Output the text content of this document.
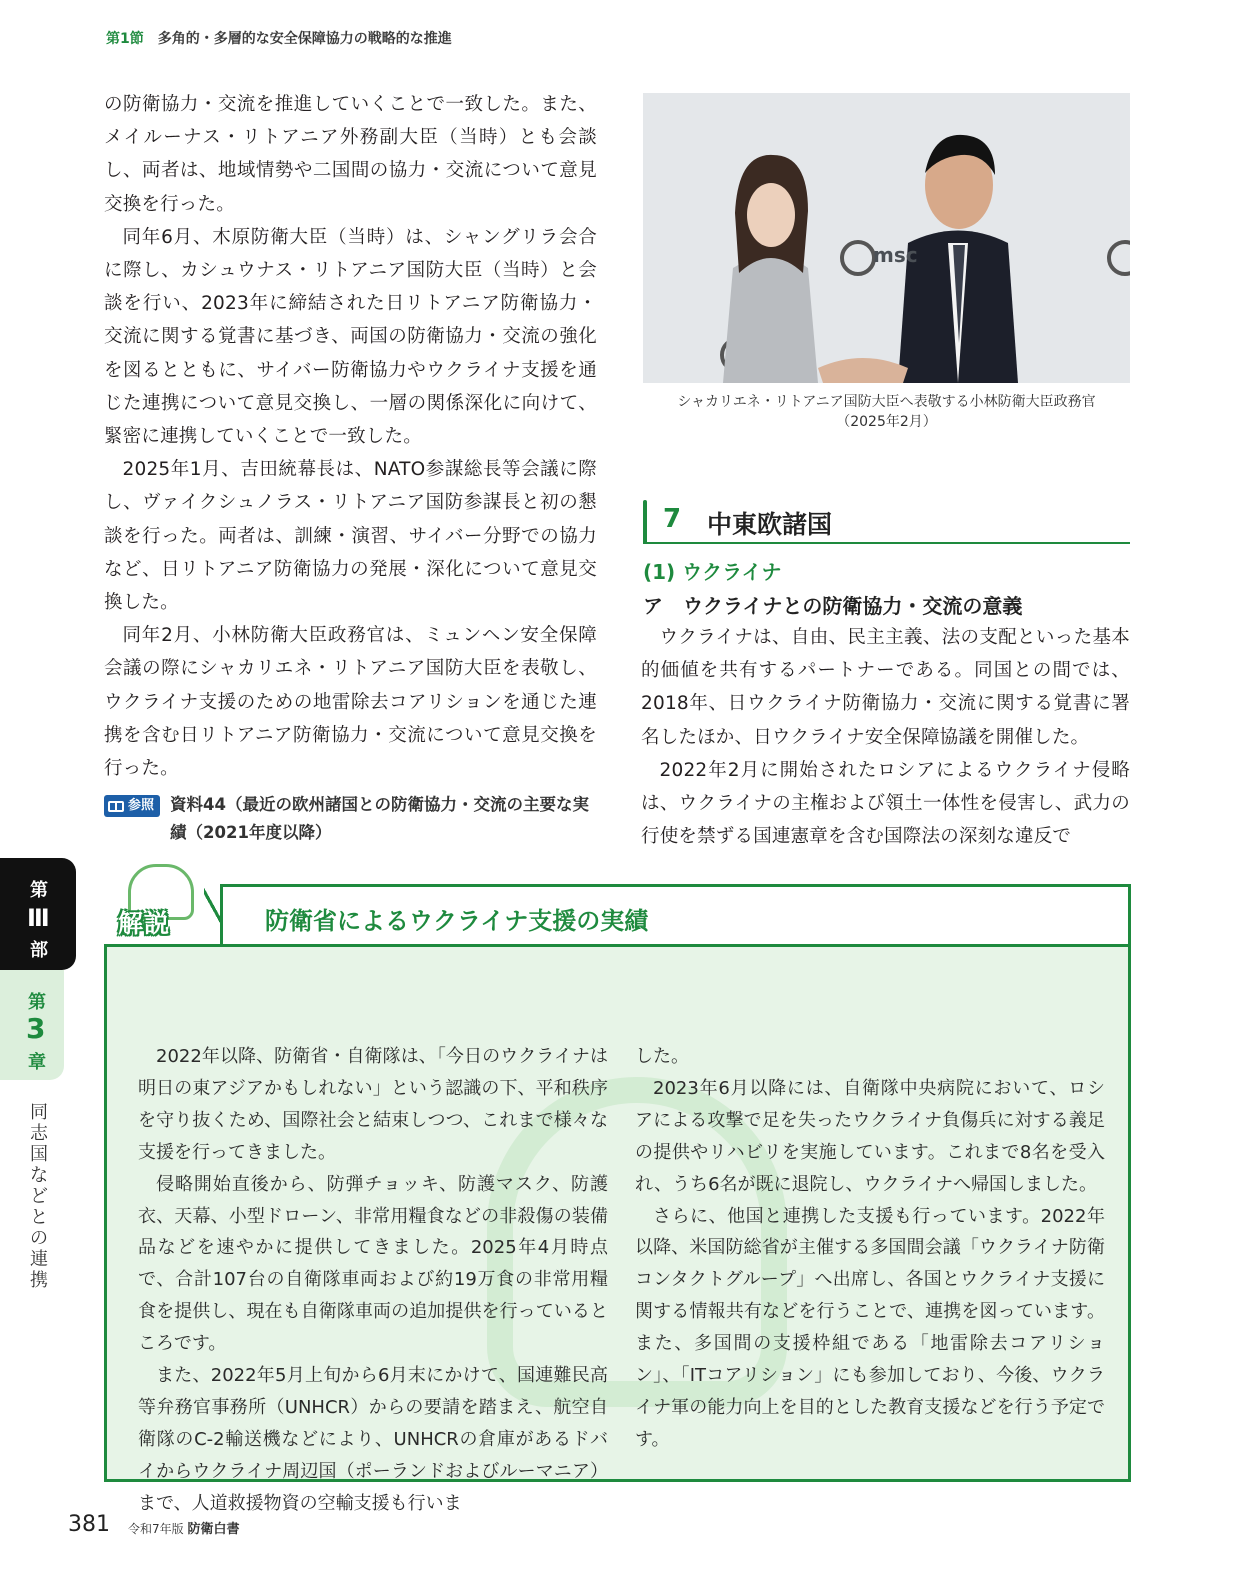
第1節 多角的・多層的な安全保障協力の戦略的な推進

の防衛協力・交流を推進していくことで一致した。また、メイルーナス・リトアニア外務副大臣（当時）とも会談し、両者は、地域情勢や二国間の協力・交流について意見交換を行った。

同年6月、木原防衛大臣（当時）は、シャングリラ会合に際し、カシュウナス・リトアニア国防大臣（当時）と会談を行い、2023年に締結された日リトアニア防衛協力・交流に関する覚書に基づき、両国の防衛協力・交流の強化を図るとともに、サイバー防衛協力やウクライナ支援を通じた連携について意見交換し、一層の関係深化に向けて、緊密に連携していくことで一致した。

2025年1月、吉田統幕長は、NATO参謀総長等会議に際し、ヴァイクシュノラス・リトアニア国防参謀長と初の懇談を行った。両者は、訓練・演習、サイバー分野での協力など、日リトアニア防衛協力の発展・深化について意見交換した。

同年2月、小林防衛大臣政務官は、ミュンヘン安全保障会議の際にシャカリエネ・リトアニア国防大臣を表敬し、ウクライナ支援のための地雷除去コアリションを通じた連携を含む日リトアニア防衛協力・交流について意見交換を行った。

参照 資料44（最近の欧州諸国との防衛協力・交流の主要な実績（2021年度以降）
msc
シャカリエネ・リトアニア国防大臣へ表敬する小林防衛大臣政務官
（2025年2月）
7 中東欧諸国
(1) ウクライナ
ア　ウクライナとの防衛協力・交流の意義

ウクライナは、自由、民主主義、法の支配といった基本的価値を共有するパートナーである。同国との間では、2018年、日ウクライナ防衛協力・交流に関する覚書に署名したほか、日ウクライナ安全保障協議を開催した。

2022年2月に開始されたロシアによるウクライナ侵略は、ウクライナの主権および領土一体性を侵害し、武力の行使を禁ずる国連憲章を含む国際法の深刻な違反で

第
Ⅲ
部
第
3
章
同志国などとの連携

2022年以降、防衛省・自衛隊は、「今日のウクライナは明日の東アジアかもしれない」という認識の下、平和秩序を守り抜くため、国際社会と結束しつつ、これまで様々な支援を行ってきました。

侵略開始直後から、防弾チョッキ、防護マスク、防護衣、天幕、小型ドローン、非常用糧食などの非殺傷の装備品などを速やかに提供してきました。2025年4月時点で、合計107台の自衛隊車両および約19万食の非常用糧食を提供し、現在も自衛隊車両の追加提供を行っているところです。

また、2022年5月上旬から6月末にかけて、国連難民高等弁務官事務所（UNHCR）からの要請を踏まえ、航空自衛隊のC-2輸送機などにより、UNHCRの倉庫があるドバイからウクライナ周辺国（ポーランドおよびルーマニア）まで、人道救援物資の空輸支援も行いま

した。

2023年6月以降には、自衛隊中央病院において、ロシアによる攻撃で足を失ったウクライナ負傷兵に対する義足の提供やリハビリを実施しています。これまで8名を受入れ、うち6名が既に退院し、ウクライナへ帰国しました。

さらに、他国と連携した支援も行っています。2022年以降、米国防総省が主催する多国間会議「ウクライナ防衛コンタクトグループ」へ出席し、各国とウクライナ支援に関する情報共有などを行うことで、連携を図っています。また、多国間の支援枠組である「地雷除去コアリション」、「ITコアリション」にも参加しており、今後、ウクライナ軍の能力向上を目的とした教育支援などを行う予定です。

防衛省によるウクライナ支援の実績
解説
381 令和7年版 防衛白書
